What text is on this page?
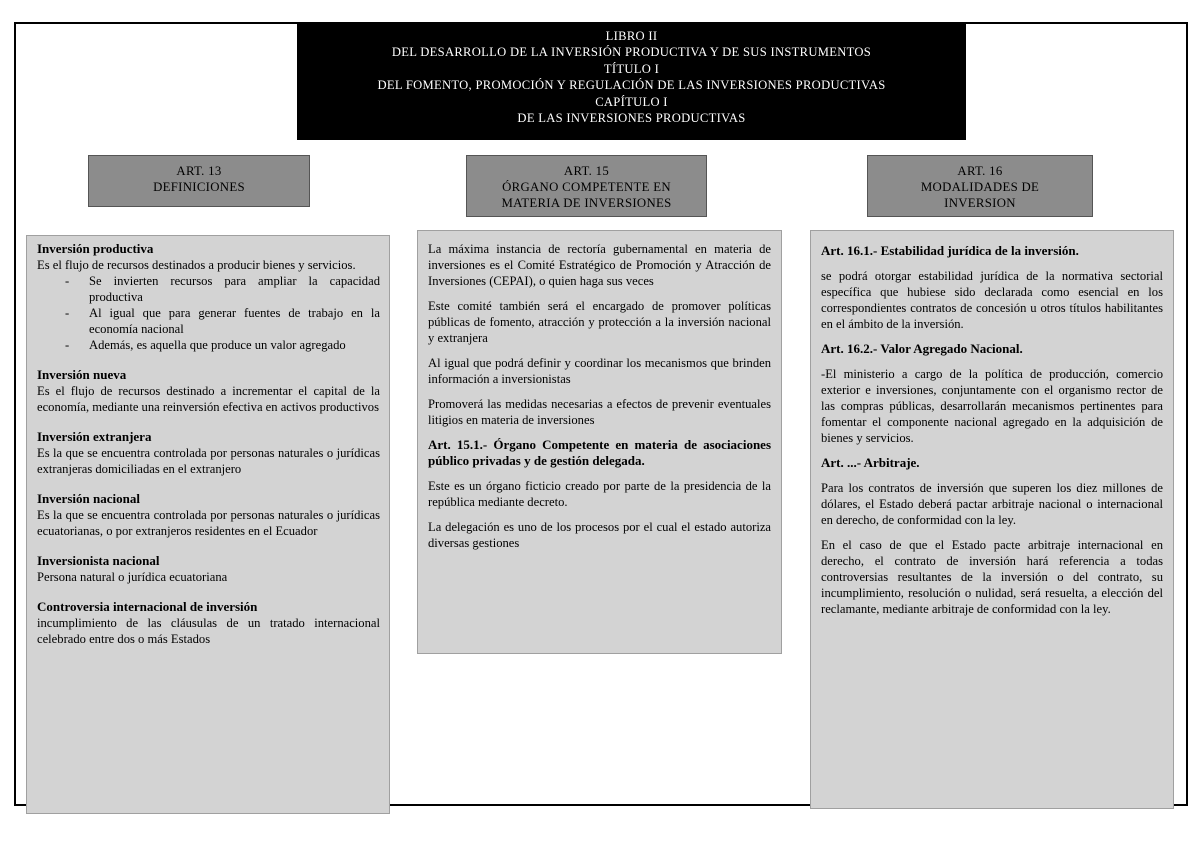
LIBRO II
DEL DESARROLLO DE LA INVERSIÓN PRODUCTIVA Y DE SUS INSTRUMENTOS
TÍTULO I
DEL FOMENTO, PROMOCIÓN Y REGULACIÓN DE LAS INVERSIONES PRODUCTIVAS
CAPÍTULO I
DE LAS INVERSIONES PRODUCTIVAS
ART. 13
DEFINICIONES
ART. 15
ÓRGANO COMPETENTE EN
MATERIA DE INVERSIONES
ART. 16
MODALIDADES DE
INVERSION
Inversión productiva

Es el flujo de recursos destinados a producir bienes y servicios.

- Se invierten recursos para ampliar la capacidad productiva
- Al igual que para generar fuentes de trabajo en la economía nacional
- Además, es aquella que produce un valor agregado
Inversión nueva

Es el flujo de recursos destinado a incrementar el capital de la economía, mediante una reinversión efectiva en activos productivos

Inversión extranjera

Es la que se encuentra controlada por personas naturales o jurídicas extranjeras domiciliadas en el extranjero

Inversión nacional

Es la que se encuentra controlada por personas naturales o jurídicas ecuatorianas, o por extranjeros residentes en el Ecuador

Inversionista nacional

Persona natural o jurídica ecuatoriana

Controversia internacional de inversión

incumplimiento de las cláusulas de un tratado internacional celebrado entre dos o más Estados

La máxima instancia de rectoría gubernamental en materia de inversiones es el Comité Estratégico de Promoción y Atracción de Inversiones (CEPAI), o quien haga sus veces

Este comité también será el encargado de promover políticas públicas de fomento, atracción y protección a la inversión nacional y extranjera

Al igual que podrá definir y coordinar los mecanismos que brinden información a inversionistas

Promoverá las medidas necesarias a efectos de prevenir eventuales litigios en materia de inversiones

Art. 15.1.- Órgano Competente en materia de asociaciones público privadas y de gestión delegada.

Este es un órgano ficticio creado por parte de la presidencia de la república mediante decreto.

La delegación es uno de los procesos por el cual el estado autoriza diversas gestiones

Art. 16.1.- Estabilidad jurídica de la inversión.

se podrá otorgar estabilidad jurídica de la normativa sectorial específica que hubiese sido declarada como esencial en los correspondientes contratos de concesión u otros títulos habilitantes en el ámbito de la inversión.

Art. 16.2.- Valor Agregado Nacional.

-El ministerio a cargo de la política de producción, comercio exterior e inversiones, conjuntamente con el organismo rector de las compras públicas, desarrollarán mecanismos pertinentes para fomentar el componente nacional agregado en la adquisición de bienes y servicios.

Art. ...- Arbitraje.

Para los contratos de inversión que superen los diez millones de dólares, el Estado deberá pactar arbitraje nacional o internacional en derecho, de conformidad con la ley.

En el caso de que el Estado pacte arbitraje internacional en derecho, el contrato de inversión hará referencia a todas controversias resultantes de la inversión o del contrato, su incumplimiento, resolución o nulidad, será resuelta, a elección del reclamante, mediante arbitraje de conformidad con la ley.
